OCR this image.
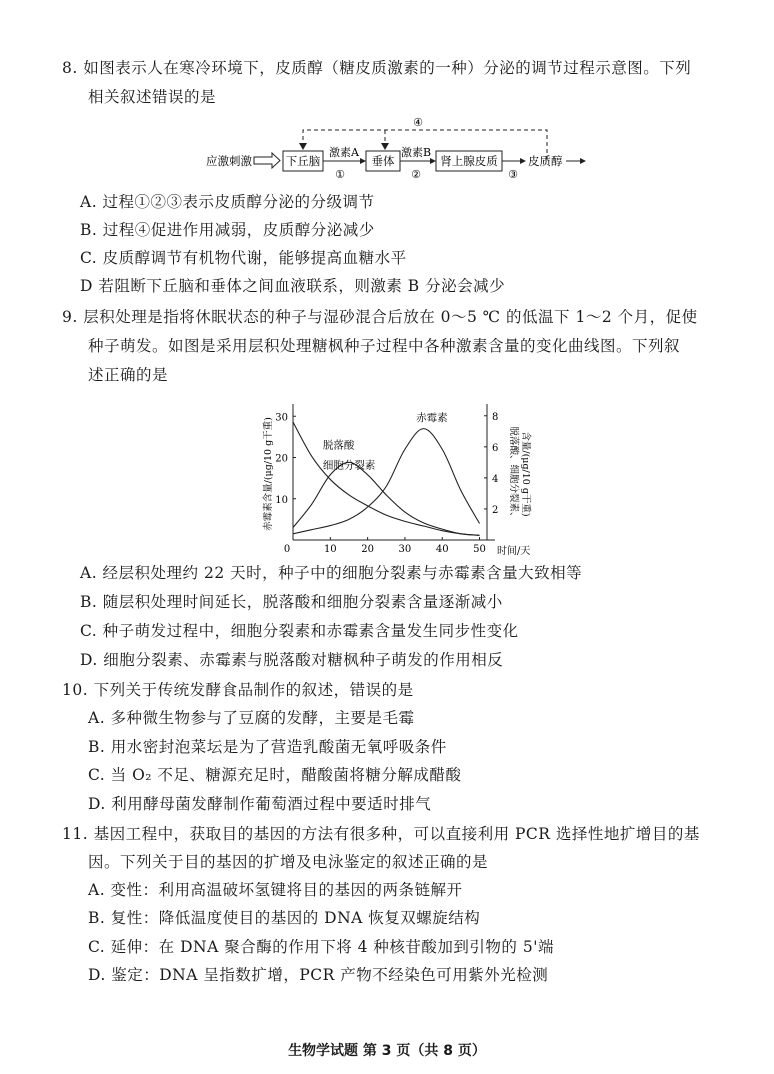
8. 如图表示人在寒冷环境下，皮质醇（糖皮质激素的一种）分泌的调节过程示意图。下列
相关叙述错误的是
④
应激刺激	下丘脑
激素A
①
垂体
激素B
②
肾上腺皮质
③
皮质醇
A. 过程①②③表示皮质醇分泌的分级调节
B. 过程④促进作用减弱，皮质醇分泌减少
C. 皮质醇调节有机物代谢，能够提高血糖水平
D 若阻断下丘脑和垂体之间血液联系，则激素 B 分泌会减少
9. 层积处理是指将休眠状态的种子与湿砂混合后放在 0～5 ℃ 的低温下 1～2 个月，促使
种子萌发。如图是采用层积处理糖枫种子过程中各种激素含量的变化曲线图。下列叙
述正确的是
0	10 20 30 40 50
10
20
30
2
4
6
8
时间/天
赤霉素含量/(μg/10 g干重)	脱落酸、细胞分裂素、 含量/(μg/10 g干重)
脱落酸
细胞分裂素
赤霉素
A. 经层积处理约 22 天时，种子中的细胞分裂素与赤霉素含量大致相等
B. 随层积处理时间延长，脱落酸和细胞分裂素含量逐渐减小
C. 种子萌发过程中，细胞分裂素和赤霉素含量发生同步性变化
D. 细胞分裂素、赤霉素与脱落酸对糖枫种子萌发的作用相反
10. 下列关于传统发酵食品制作的叙述，错误的是
A. 多种微生物参与了豆腐的发酵，主要是毛霉
B. 用水密封泡菜坛是为了营造乳酸菌无氧呼吸条件
C. 当 O₂ 不足、糖源充足时，醋酸菌将糖分解成醋酸
D. 利用酵母菌发酵制作葡萄酒过程中要适时排气
11. 基因工程中，获取目的基因的方法有很多种，可以直接利用 PCR 选择性地扩增目的基
因。下列关于目的基因的扩增及电泳鉴定的叙述正确的是
A. 变性：利用高温破坏氢键将目的基因的两条链解开
B. 复性：降低温度使目的基因的 DNA 恢复双螺旋结构
C. 延伸：在 DNA 聚合酶的作用下将 4 种核苷酸加到引物的 5'端
D. 鉴定：DNA 呈指数扩增，PCR 产物不经染色可用紫外光检测
生物学试题 第 3 页（共 8 页）
